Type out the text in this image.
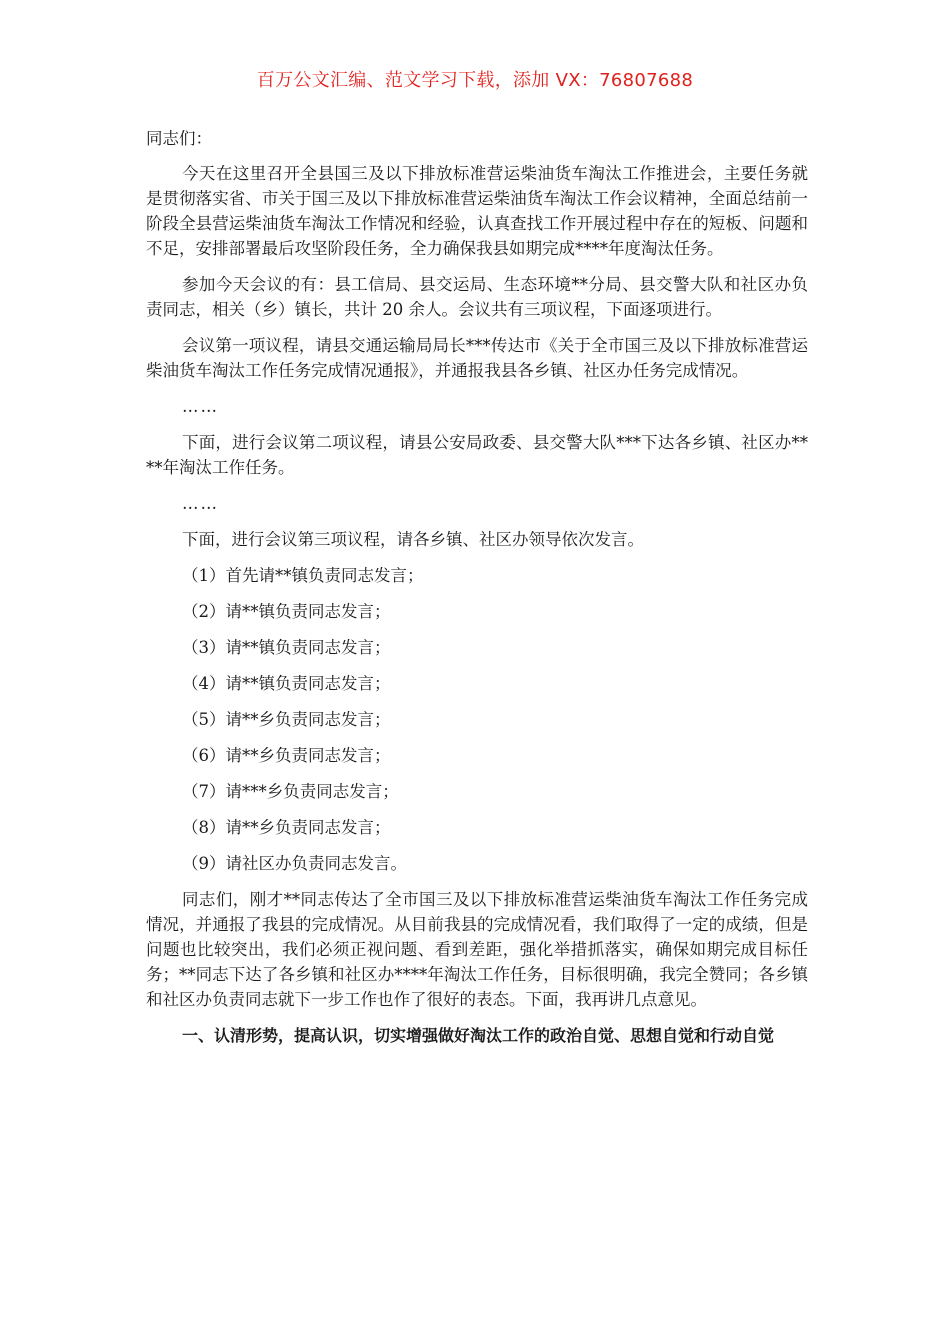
百万公文汇编、范文学习下载，添加 VX：76807688

同志们：

今天在这里召开全县国三及以下排放标准营运柴油货车淘汰工作推进会，主要任务就是贯彻落实省、市关于国三及以下排放标准营运柴油货车淘汰工作会议精神，全面总结前一阶段全县营运柴油货车淘汰工作情况和经验，认真查找工作开展过程中存在的短板、问题和不足，安排部署最后攻坚阶段任务，全力确保我县如期完成****年度淘汰任务。

参加今天会议的有：县工信局、县交运局、生态环境**分局、县交警大队和社区办负责同志，相关（乡）镇长，共计 20 余人。会议共有三项议程，下面逐项进行。

会议第一项议程，请县交通运输局局长***传达市《关于全市国三及以下排放标准营运柴油货车淘汰工作任务完成情况通报》，并通报我县各乡镇、社区办任务完成情况。

……

下面，进行会议第二项议程，请县公安局政委、县交警大队***下达各乡镇、社区办****年淘汰工作任务。

……

下面，进行会议第三项议程，请各乡镇、社区办领导依次发言。

（1）首先请**镇负责同志发言；

（2）请**镇负责同志发言；

（3）请**镇负责同志发言；

（4）请**镇负责同志发言；

（5）请**乡负责同志发言；

（6）请**乡负责同志发言；

（7）请***乡负责同志发言；

（8）请**乡负责同志发言；

（9）请社区办负责同志发言。

同志们，刚才**同志传达了全市国三及以下排放标准营运柴油货车淘汰工作任务完成情况，并通报了我县的完成情况。从目前我县的完成情况看，我们取得了一定的成绩，但是问题也比较突出，我们必须正视问题、看到差距，强化举措抓落实，确保如期完成目标任务；**同志下达了各乡镇和社区办****年淘汰工作任务，目标很明确，我完全赞同；各乡镇和社区办负责同志就下一步工作也作了很好的表态。下面，我再讲几点意见。

一、认清形势，提高认识，切实增强做好淘汰工作的政治自觉、思想自觉和行动自觉
